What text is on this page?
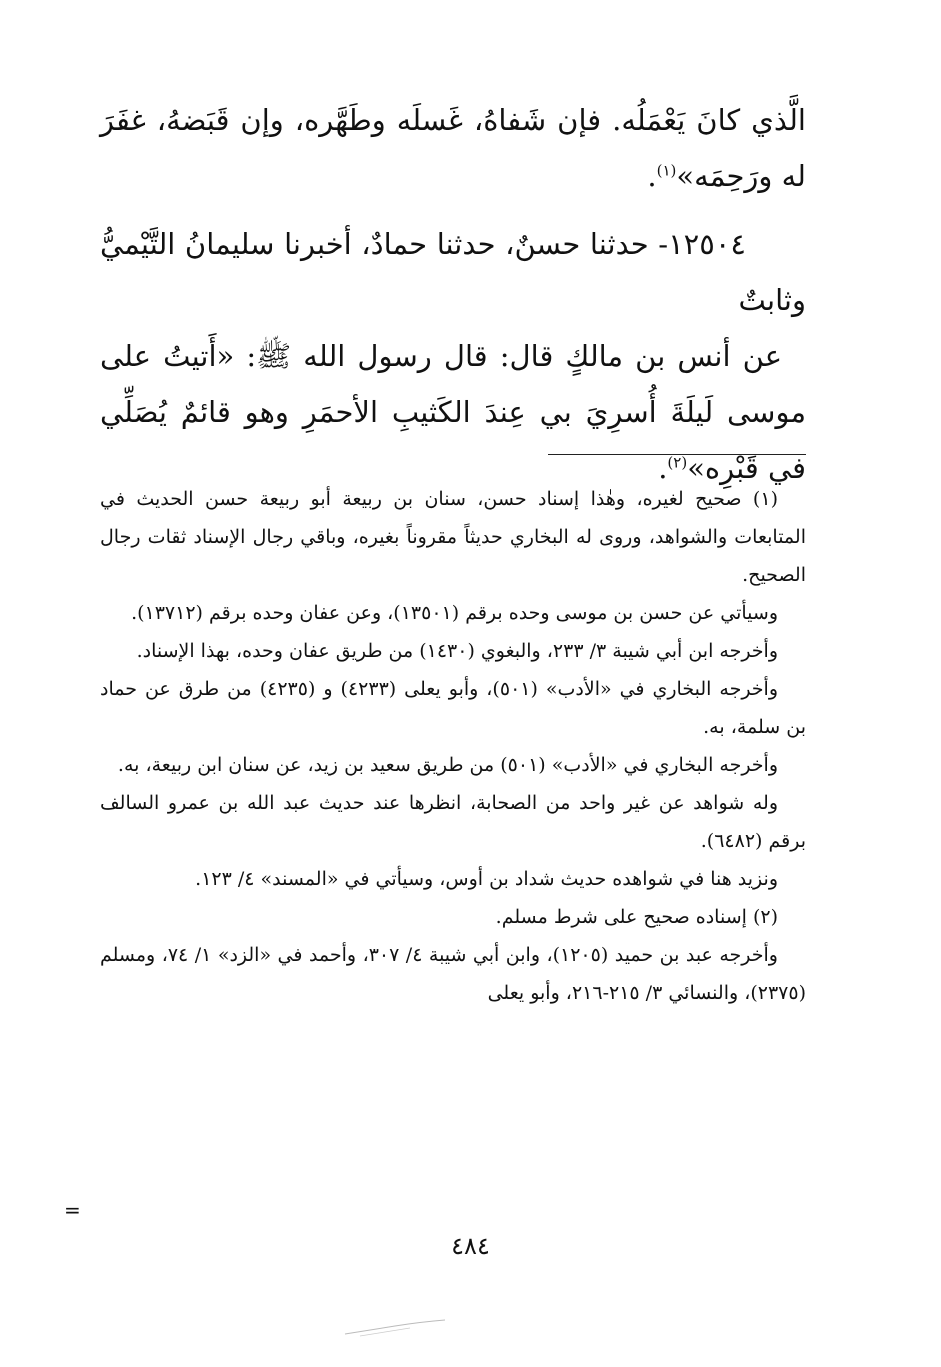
الَّذي كانَ يَعْمَلُه. فإن شَفاهُ، غَسلَه وطَهَّره، وإن قَبَضهُ، غفَرَ له ورَحِمَه»$^{(١)}$.

١٢٥٠٤- حدثنا حسنٌ، حدثنا حمادٌ، أخبرنا سليمانُ التَّيْميُّ وثابتٌ

عن أنس بن مالكٍ قال: قال رسول الله ﷺ: «أَتيتُ على موسى لَيلَةَ أُسرِيَ بي عِندَ الكَثيبِ الأحمَرِ وهو قائمٌ يُصَلِّي في قَبْرِه»$^{(٢)}$.

(١) صحيح لغيره، وهٰذا إسناد حسن، سنان بن ربيعة أبو ربيعة حسن الحديث في المتابعات والشواهد، وروى له البخاري حديثاً مقروناً بغيره، وباقي رجال الإسناد ثقات رجال الصحيح.

وسيأتي عن حسن بن موسى وحده برقم (١٣٥٠١)، وعن عفان وحده برقم (١٣٧١٢).

وأخرجه ابن أبي شيبة ٣/ ٢٣٣، والبغوي (١٤٣٠) من طريق عفان وحده، بهذا الإسناد.

وأخرجه البخاري في «الأدب» (٥٠١)، وأبو يعلى (٤٢٣٣) و (٤٢٣٥) من طرق عن حماد بن سلمة، به.

وأخرجه البخاري في «الأدب» (٥٠١) من طريق سعيد بن زيد، عن سنان ابن ربيعة، به.

وله شواهد عن غير واحد من الصحابة، انظرها عند حديث عبد الله بن عمرو السالف برقم (٦٤٨٢).

ونزيد هنا في شواهده حديث شداد بن أوس، وسيأتي في «المسند» ٤/ ١٢٣.

(٢) إسناده صحيح على شرط مسلم.

وأخرجه عبد بن حميد (١٢٠٥)، وابن أبي شيبة ٤/ ٣٠٧، وأحمد في «الزد» ١/ ٧٤، ومسلم (٢٣٧٥)، والنسائي ٣/ ٢١٥-٢١٦، وأبو يعلى

=
٤٨٤
